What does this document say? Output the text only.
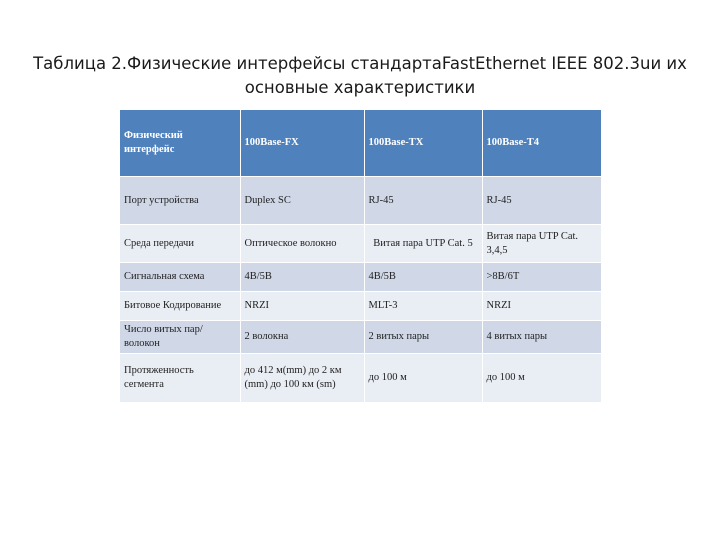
Таблица 2.Физические интерфейсы стандартаFastEthernet IEEE 802.3uи их
основные характеристики
Физический интерфейс	100Base-FX	100Base-TX	100Base-T4
Порт устройства	Duplex SC	RJ-45	RJ-45
Среда передачи	Оптическое волокно	Витая пара UTP Cat. 5	Витая пара UTP Cat. 3,4,5
Сигнальная схема	4B/5B	4B/5B	>8B/6T
Битовое Кодирование	NRZI	MLT-3	NRZI
Число витых пар/ волокон	2 волокна	2 витых пары	4 витых пары
Протяженность сегмента	до 412 м(mm) до 2 км (mm) до 100 км (sm)	до 100 м	до 100 м
